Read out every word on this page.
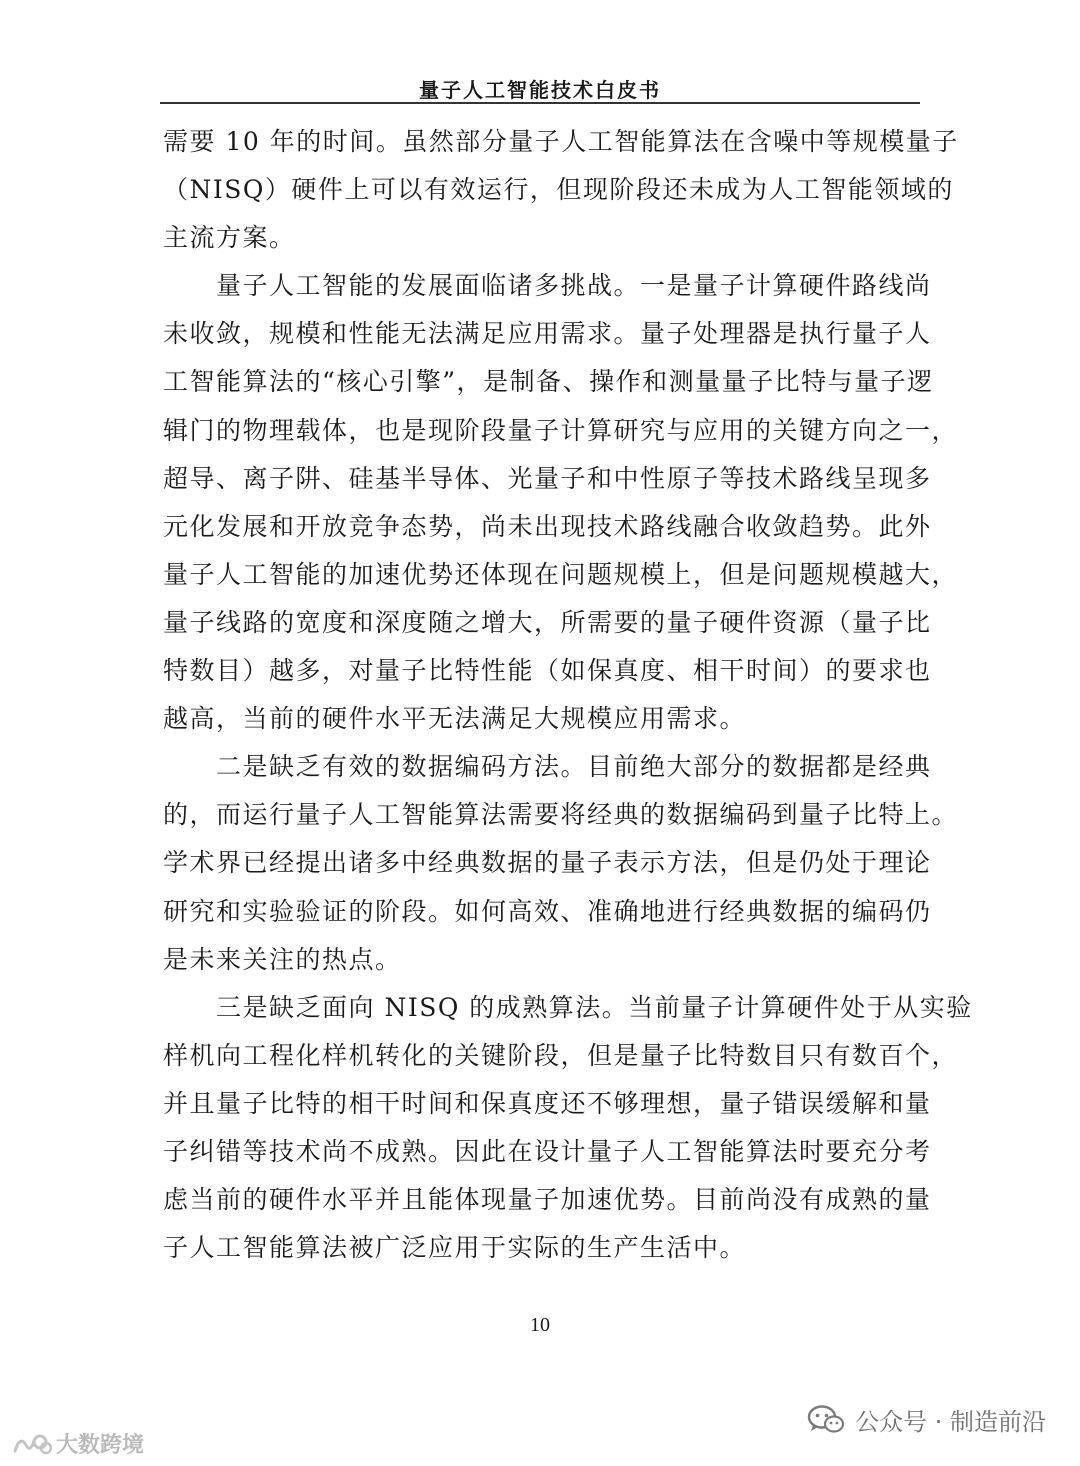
量子人工智能技术白皮书
需要 10 年的时间。虽然部分量子人工智能算法在含噪中等规模量子
（NISQ）硬件上可以有效运行，但现阶段还未成为人工智能领域的
主流方案。
　　量子人工智能的发展面临诸多挑战。一是量子计算硬件路线尚
未收敛，规模和性能无法满足应用需求。量子处理器是执行量子人
工智能算法的“核心引擎”，是制备、操作和测量量子比特与量子逻
辑门的物理载体，也是现阶段量子计算研究与应用的关键方向之一，
超导、离子阱、硅基半导体、光量子和中性原子等技术路线呈现多
元化发展和开放竞争态势，尚未出现技术路线融合收敛趋势。此外
量子人工智能的加速优势还体现在问题规模上，但是问题规模越大，
量子线路的宽度和深度随之增大，所需要的量子硬件资源（量子比
特数目）越多，对量子比特性能（如保真度、相干时间）的要求也
越高，当前的硬件水平无法满足大规模应用需求。
　　二是缺乏有效的数据编码方法。目前绝大部分的数据都是经典
的，而运行量子人工智能算法需要将经典的数据编码到量子比特上。
学术界已经提出诸多中经典数据的量子表示方法，但是仍处于理论
研究和实验验证的阶段。如何高效、准确地进行经典数据的编码仍
是未来关注的热点。
　　三是缺乏面向 NISQ 的成熟算法。当前量子计算硬件处于从实验
样机向工程化样机转化的关键阶段，但是量子比特数目只有数百个，
并且量子比特的相干时间和保真度还不够理想，量子错误缓解和量
子纠错等技术尚不成熟。因此在设计量子人工智能算法时要充分考
虑当前的硬件水平并且能体现量子加速优势。目前尚没有成熟的量
子人工智能算法被广泛应用于实际的生产生活中。
10
公众号 · 制造前沿
大数跨境
